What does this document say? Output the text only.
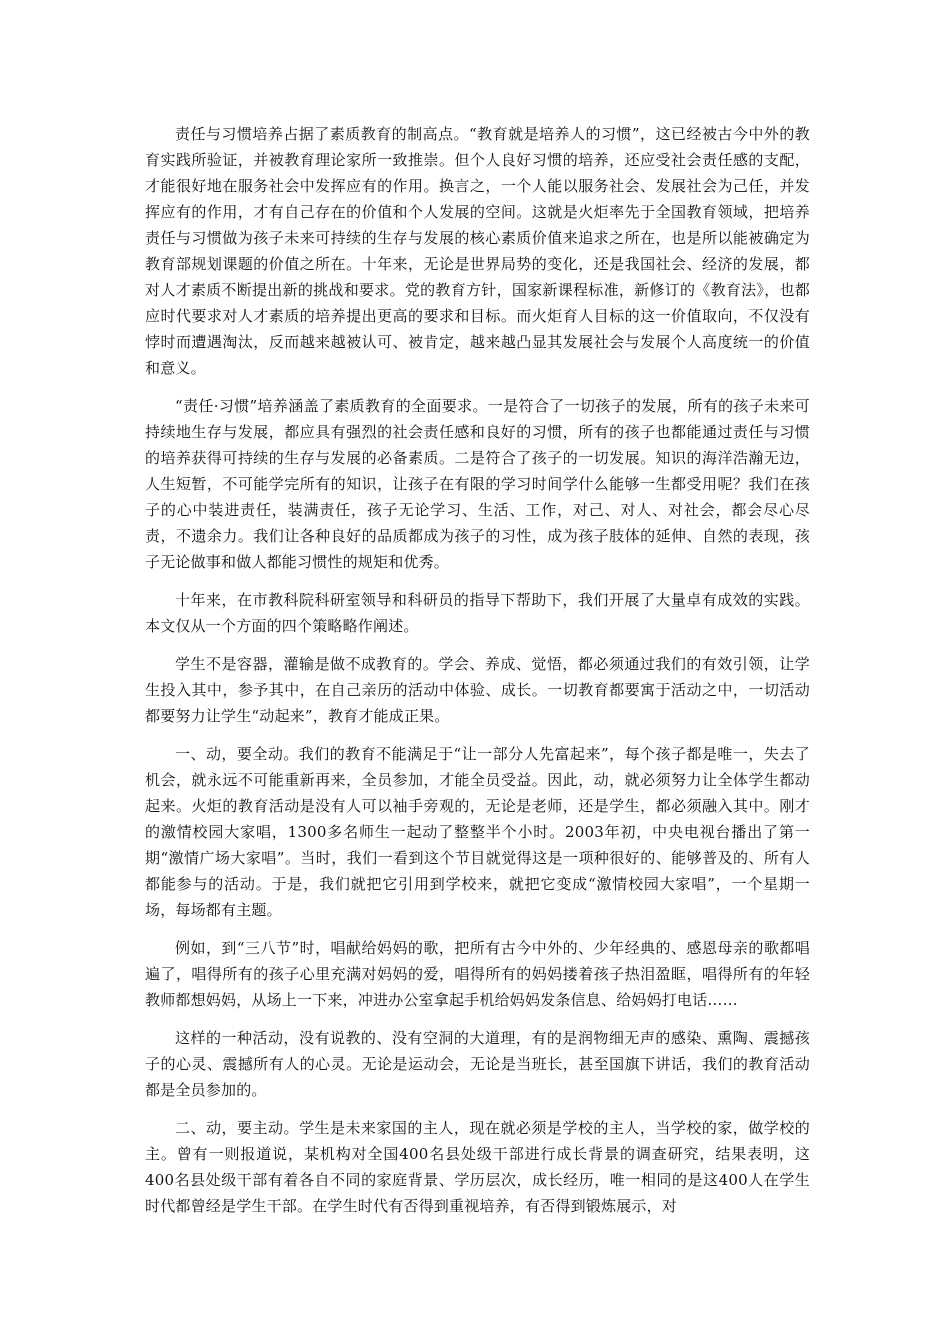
责任与习惯培养占据了素质教育的制高点。“教育就是培养人的习惯”，这已经被古今中外的教育实践所验证，并被教育理论家所一致推崇。但个人良好习惯的培养，还应受社会责任感的支配，才能很好地在服务社会中发挥应有的作用。换言之，一个人能以服务社会、发展社会为己任，并发挥应有的作用，才有自己存在的价值和个人发展的空间。这就是火炬率先于全国教育领域，把培养责任与习惯做为孩子未来可持续的生存与发展的核心素质价值来追求之所在，也是所以能被确定为教育部规划课题的价值之所在。十年来，无论是世界局势的变化，还是我国社会、经济的发展，都对人才素质不断提出新的挑战和要求。党的教育方针，国家新课程标准，新修订的《教育法》，也都应时代要求对人才素质的培养提出更高的要求和目标。而火炬育人目标的这一价值取向，不仅没有悖时而遭遇淘汰，反而越来越被认可、被肯定，越来越凸显其发展社会与发展个人高度统一的价值和意义。

“责任·习惯”培养涵盖了素质教育的全面要求。一是符合了一切孩子的发展，所有的孩子未来可持续地生存与发展，都应具有强烈的社会责任感和良好的习惯，所有的孩子也都能通过责任与习惯的培养获得可持续的生存与发展的必备素质。二是符合了孩子的一切发展。知识的海洋浩瀚无边，人生短暂，不可能学完所有的知识，让孩子在有限的学习时间学什么能够一生都受用呢？我们在孩子的心中装进责任，装满责任，孩子无论学习、生活、工作，对己、对人、对社会，都会尽心尽责，不遗余力。我们让各种良好的品质都成为孩子的习性，成为孩子肢体的延伸、自然的表现，孩子无论做事和做人都能习惯性的规矩和优秀。

十年来，在市教科院科研室领导和科研员的指导下帮助下，我们开展了大量卓有成效的实践。本文仅从一个方面的四个策略略作阐述。

学生不是容器，灌输是做不成教育的。学会、养成、觉悟，都必须通过我们的有效引领，让学生投入其中，参予其中，在自己亲历的活动中体验、成长。一切教育都要寓于活动之中，一切活动都要努力让学生“动起来”，教育才能成正果。

一、动，要全动。我们的教育不能满足于“让一部分人先富起来”，每个孩子都是唯一，失去了机会，就永远不可能重新再来，全员参加，才能全员受益。因此，动，就必须努力让全体学生都动起来。火炬的教育活动是没有人可以袖手旁观的，无论是老师，还是学生，都必须融入其中。刚才的激情校园大家唱，1300多名师生一起动了整整半个小时。2003年初，中央电视台播出了第一期“激情广场大家唱”。当时，我们一看到这个节目就觉得这是一项种很好的、能够普及的、所有人都能参与的活动。于是，我们就把它引用到学校来，就把它变成“激情校园大家唱”，一个星期一场，每场都有主题。

例如，到“三八节”时，唱献给妈妈的歌，把所有古今中外的、少年经典的、感恩母亲的歌都唱遍了，唱得所有的孩子心里充满对妈妈的爱，唱得所有的妈妈搂着孩子热泪盈眶，唱得所有的年轻教师都想妈妈，从场上一下来，冲进办公室拿起手机给妈妈发条信息、给妈妈打电话……

这样的一种活动，没有说教的、没有空洞的大道理，有的是润物细无声的感染、熏陶、震撼孩子的心灵、震撼所有人的心灵。无论是运动会，无论是当班长，甚至国旗下讲话，我们的教育活动都是全员参加的。

二、动，要主动。学生是未来家国的主人，现在就必须是学校的主人，当学校的家，做学校的主。曾有一则报道说，某机构对全国400名县处级干部进行成长背景的调查研究，结果表明，这400名县处级干部有着各自不同的家庭背景、学历层次，成长经历，唯一相同的是这400人在学生时代都曾经是学生干部。在学生时代有否得到重视培养，有否得到锻炼展示，对
